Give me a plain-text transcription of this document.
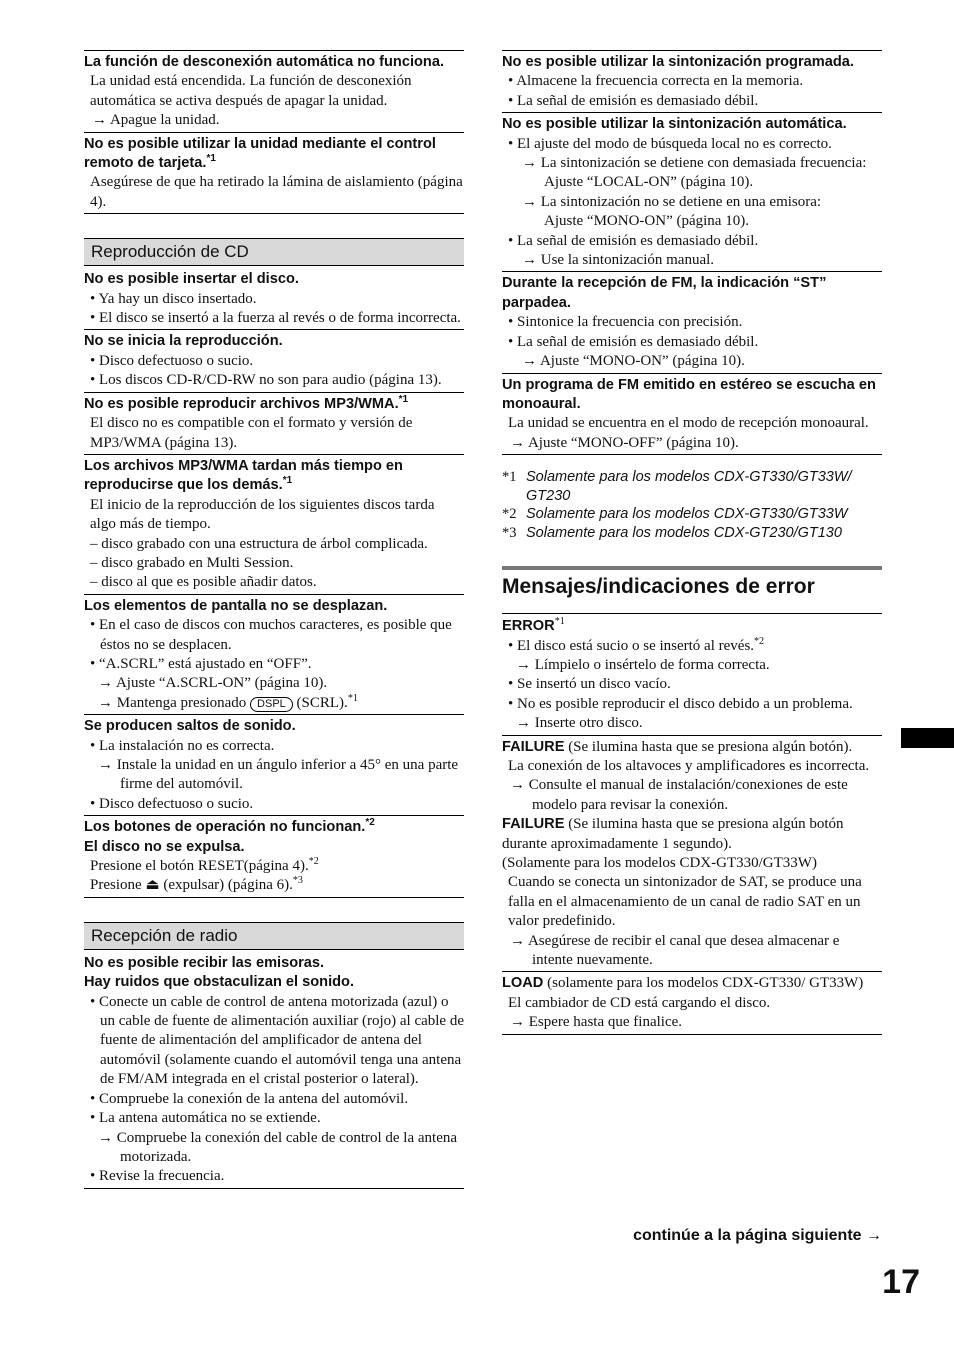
La función de desconexión automática no funciona.
La unidad está encendida. La función de desconexión automática se activa después de apagar la unidad.
→ Apague la unidad.
No es posible utilizar la unidad mediante el control remoto de tarjeta.$^{*1}$
Asegúrese de que ha retirado la lámina de aislamiento (página 4).
Reproducción de CD
No es posible insertar el disco.
• Ya hay un disco insertado.
• El disco se insertó a la fuerza al revés o de forma incorrecta.
No se inicia la reproducción.
• Disco defectuoso o sucio.
• Los discos CD-R/CD-RW no son para audio (página 13).
No es posible reproducir archivos MP3/WMA.$^{*1}$
El disco no es compatible con el formato y versión de MP3/WMA (página 13).
Los archivos MP3/WMA tardan más tiempo en reproducirse que los demás.$^{*1}$
El inicio de la reproducción de los siguientes discos tarda algo más de tiempo.
– disco grabado con una estructura de árbol complicada.
– disco grabado en Multi Session.
– disco al que es posible añadir datos.
Los elementos de pantalla no se desplazan.
• En el caso de discos con muchos caracteres, es posible que éstos no se desplacen.
• “A.SCRL” está ajustado en “OFF”.
→ Ajuste “A.SCRL-ON” (página 10).
→ Mantenga presionado DSPL (SCRL).$^{*1}$
Se producen saltos de sonido.
• La instalación no es correcta.
→ Instale la unidad en un ángulo inferior a 45° en una parte firme del automóvil.
• Disco defectuoso o sucio.
Los botones de operación no funcionan.$^{*2}$
El disco no se expulsa.
Presione el botón RESET(página 4).$^{*2}$
Presione ⏏ (expulsar) (página 6).$^{*3}$
Recepción de radio
No es posible recibir las emisoras.
Hay ruidos que obstaculizan el sonido.
• Conecte un cable de control de antena motorizada (azul) o un cable de fuente de alimentación auxiliar (rojo) al cable de fuente de alimentación del amplificador de antena del automóvil (solamente cuando el automóvil tenga una antena de FM/AM integrada en el cristal posterior o lateral).
• Compruebe la conexión de la antena del automóvil.
• La antena automática no se extiende.
→ Compruebe la conexión del cable de control de la antena motorizada.
• Revise la frecuencia.
No es posible utilizar la sintonización programada.
• Almacene la frecuencia correcta en la memoria.
• La señal de emisión es demasiado débil.
No es posible utilizar la sintonización automática.
• El ajuste del modo de búsqueda local no es correcto.
→ La sintonización se detiene con demasiada frecuencia:
Ajuste “LOCAL-ON” (página 10).
→ La sintonización no se detiene en una emisora:
Ajuste “MONO-ON” (página 10).
• La señal de emisión es demasiado débil.
→ Use la sintonización manual.
Durante la recepción de FM, la indicación “ST” parpadea.
• Sintonice la frecuencia con precisión.
• La señal de emisión es demasiado débil.
→ Ajuste “MONO-ON” (página 10).
Un programa de FM emitido en estéreo se escucha en monoaural.
La unidad se encuentra en el modo de recepción monoaural.
→ Ajuste “MONO-OFF” (página 10).
*1 Solamente para los modelos CDX-GT330/GT33W/ GT230
*2 Solamente para los modelos CDX-GT330/GT33W
*3 Solamente para los modelos CDX-GT230/GT130
Mensajes/indicaciones de error
ERROR$^{*1}$
• El disco está sucio o se insertó al revés.$^{*2}$
→ Límpielo o insértelo de forma correcta.
• Se insertó un disco vacío.
• No es posible reproducir el disco debido a un problema.
→ Inserte otro disco.
FAILURE (Se ilumina hasta que se presiona algún botón).
La conexión de los altavoces y amplificadores es incorrecta.
→ Consulte el manual de instalación/conexiones de este modelo para revisar la conexión.
FAILURE (Se ilumina hasta que se presiona algún botón durante aproximadamente 1 segundo).
(Solamente para los modelos CDX-GT330/GT33W)
Cuando se conecta un sintonizador de SAT, se produce una falla en el almacenamiento de un canal de radio SAT en un valor predefinido.
→ Asegúrese de recibir el canal que desea almacenar e intente nuevamente.
LOAD (solamente para los modelos CDX-GT330/ GT33W)
El cambiador de CD está cargando el disco.
→ Espere hasta que finalice.
continúe a la página siguiente →
17
